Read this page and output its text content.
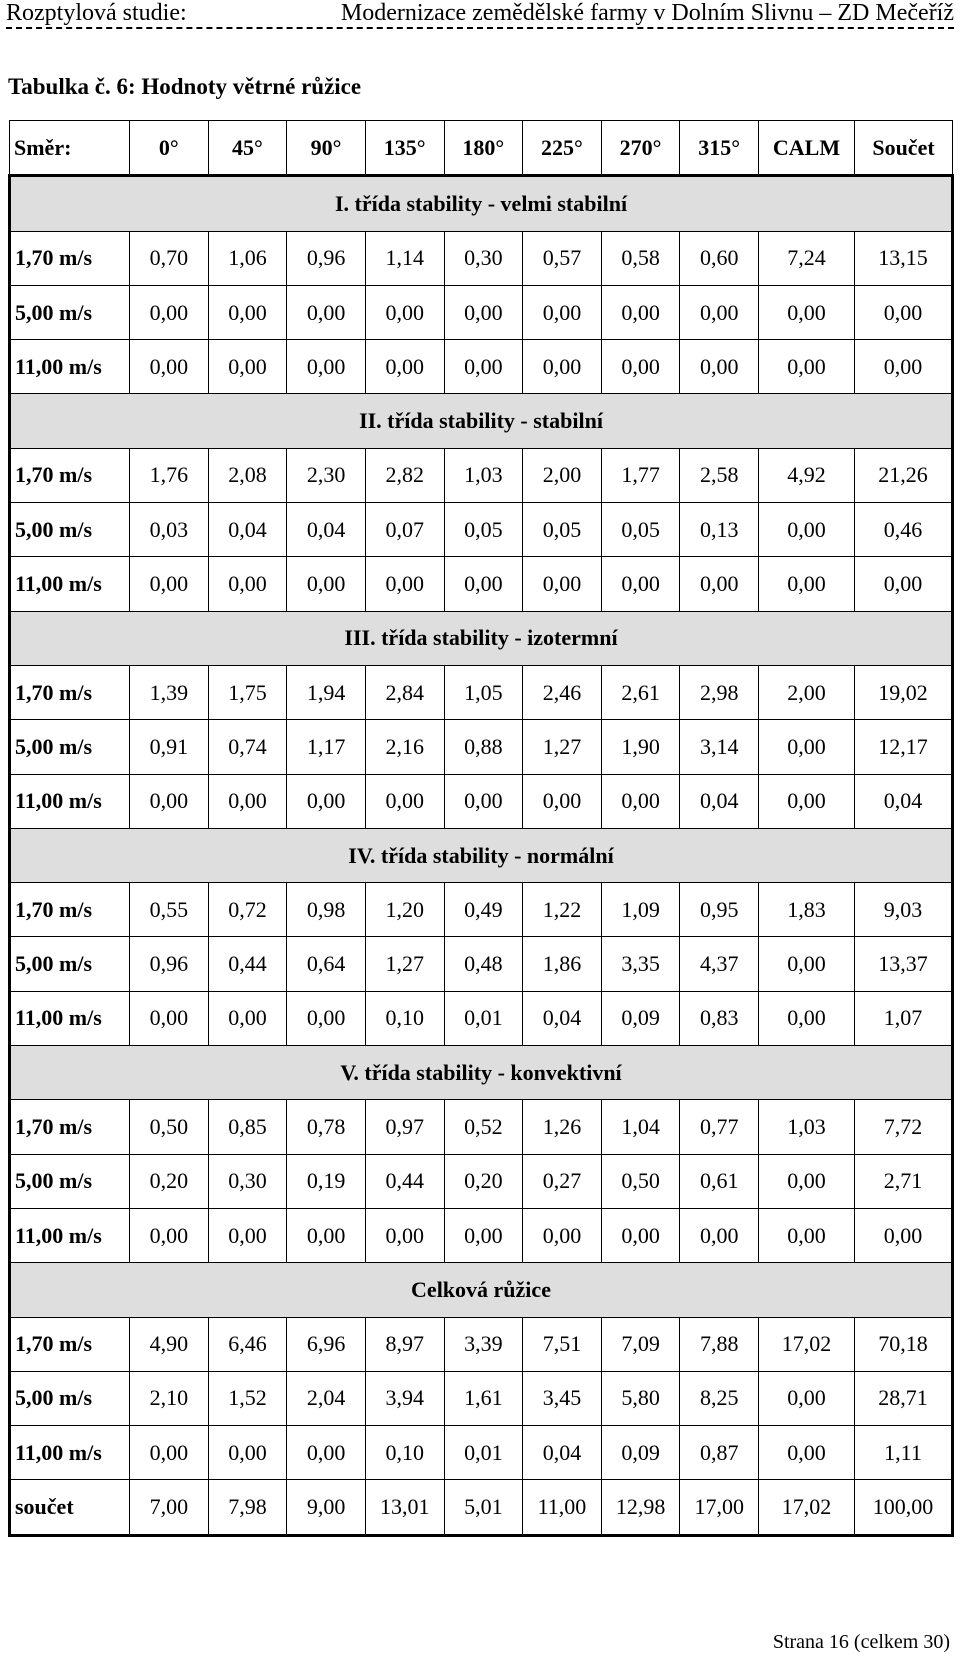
Rozptylová studie:	Modernizace zemědělské farmy v Dolním Slivnu – ZD Mečeříž
Tabulka č. 6: Hodnoty větrné růžice
Směr:	0°	45°	90°	135°	180°	225°	270°	315°	CALM	Součet
I. třída stability - velmi stabilní										
1,70 m/s	0,70	1,06	0,96	1,14	0,30	0,57	0,58	0,60	7,24	13,15
5,00 m/s	0,00	0,00	0,00	0,00	0,00	0,00	0,00	0,00	0,00	0,00
11,00 m/s	0,00	0,00	0,00	0,00	0,00	0,00	0,00	0,00	0,00	0,00
II. třída stability - stabilní										
1,70 m/s	1,76	2,08	2,30	2,82	1,03	2,00	1,77	2,58	4,92	21,26
5,00 m/s	0,03	0,04	0,04	0,07	0,05	0,05	0,05	0,13	0,00	0,46
11,00 m/s	0,00	0,00	0,00	0,00	0,00	0,00	0,00	0,00	0,00	0,00
III. třída stability - izotermní										
1,70 m/s	1,39	1,75	1,94	2,84	1,05	2,46	2,61	2,98	2,00	19,02
5,00 m/s	0,91	0,74	1,17	2,16	0,88	1,27	1,90	3,14	0,00	12,17
11,00 m/s	0,00	0,00	0,00	0,00	0,00	0,00	0,00	0,04	0,00	0,04
IV. třída stability - normální										
1,70 m/s	0,55	0,72	0,98	1,20	0,49	1,22	1,09	0,95	1,83	9,03
5,00 m/s	0,96	0,44	0,64	1,27	0,48	1,86	3,35	4,37	0,00	13,37
11,00 m/s	0,00	0,00	0,00	0,10	0,01	0,04	0,09	0,83	0,00	1,07
V. třída stability - konvektivní										
1,70 m/s	0,50	0,85	0,78	0,97	0,52	1,26	1,04	0,77	1,03	7,72
5,00 m/s	0,20	0,30	0,19	0,44	0,20	0,27	0,50	0,61	0,00	2,71
11,00 m/s	0,00	0,00	0,00	0,00	0,00	0,00	0,00	0,00	0,00	0,00
Celková růžice										
1,70 m/s	4,90	6,46	6,96	8,97	3,39	7,51	7,09	7,88	17,02	70,18
5,00 m/s	2,10	1,52	2,04	3,94	1,61	3,45	5,80	8,25	0,00	28,71
11,00 m/s	0,00	0,00	0,00	0,10	0,01	0,04	0,09	0,87	0,00	1,11
součet	7,00	7,98	9,00	13,01	5,01	11,00	12,98	17,00	17,02	100,00
Strana 16 (celkem 30)
